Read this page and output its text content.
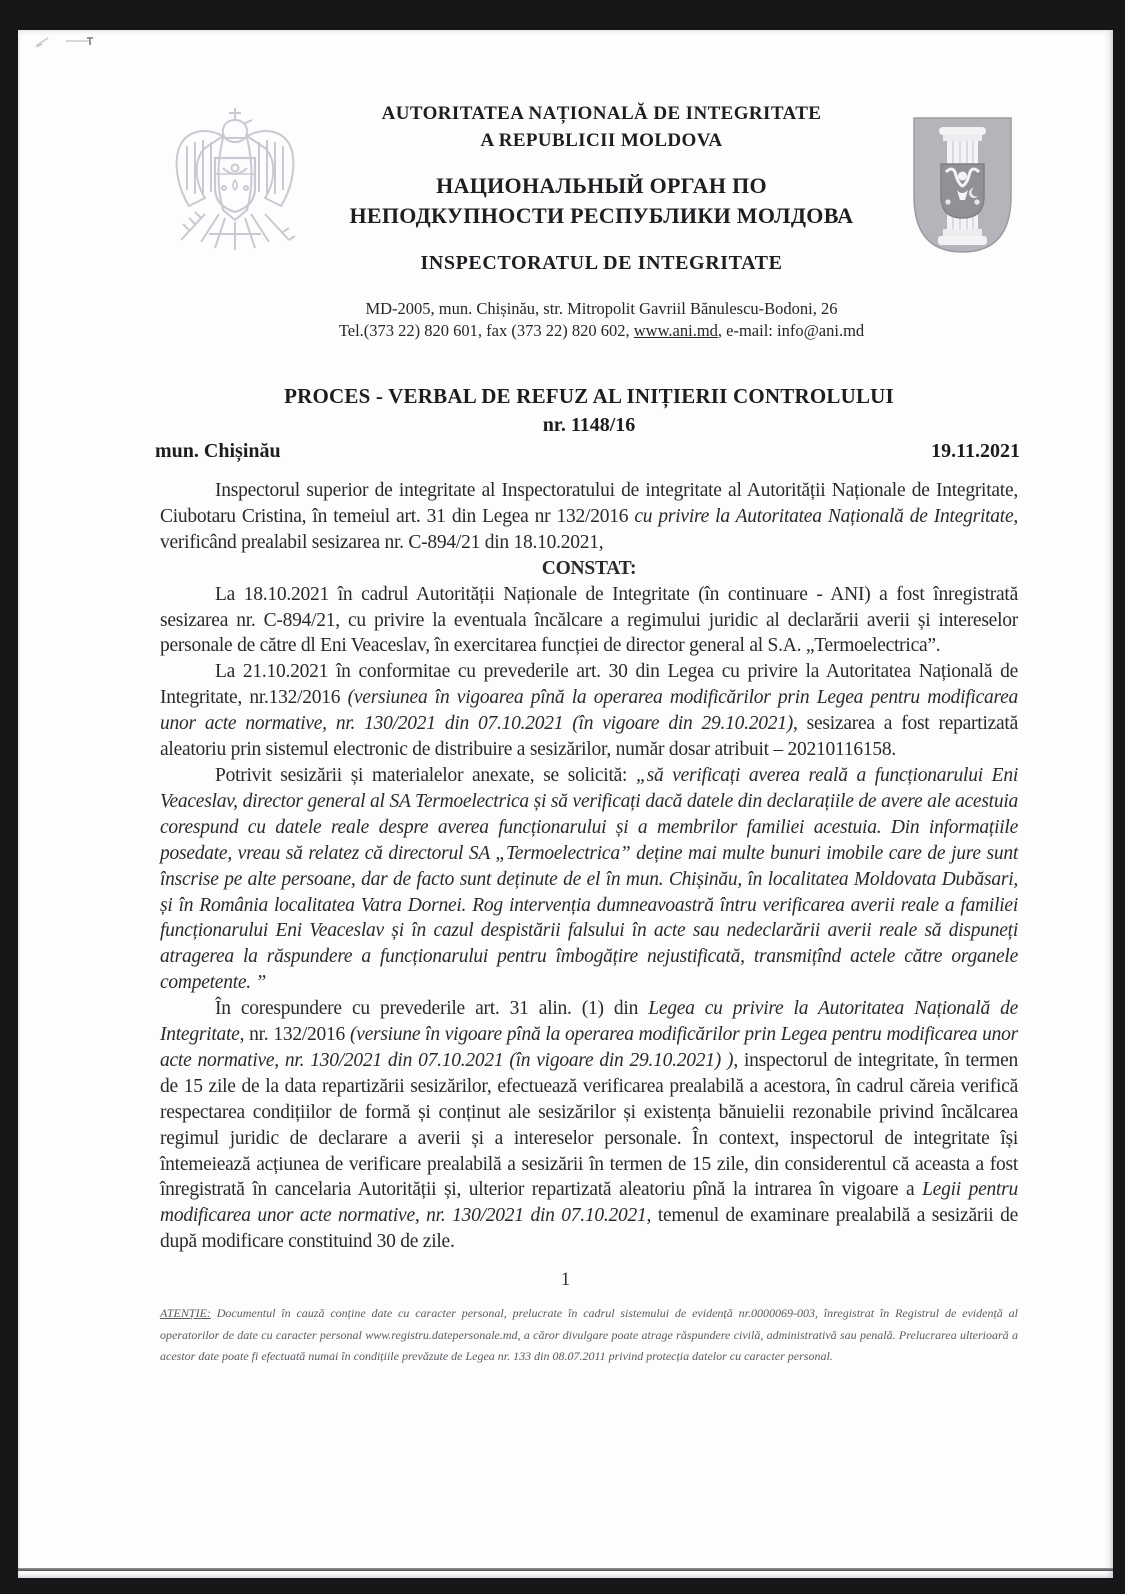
AUTORITATEA NAȚIONALĂ DE INTEGRITATE
A REPUBLICII MOLDOVA
НАЦИОНАЛЬНЫЙ ОРГАН ПО
НЕПОДКУПНОСТИ РЕСПУБЛИКИ МОЛДОВА
INSPECTORATUL DE INTEGRITATE
MD-2005, mun. Chișinău, str. Mitropolit Gavriil Bănulescu-Bodoni, 26
Tel.(373 22) 820 601, fax (373 22) 820 602, www.ani.md, e-mail: info@ani.md
PROCES - VERBAL DE REFUZ AL INIȚIERII CONTROLULUI
nr. 1148/16
mun. Chișinău	19.11.2021

Inspectorul superior de integritate al Inspectoratului de integritate al Autorității Naționale de Integritate, Ciubotaru Cristina, în temeiul art. 31 din Legea nr 132/2016 cu privire la Autoritatea Națională de Integritate, verificând prealabil sesizarea nr. C-894/21 din 18.10.2021,

CONSTAT:

La 18.10.2021 în cadrul Autorității Naționale de Integritate (în continuare - ANI) a fost înregistrată sesizarea nr. C-894/21, cu privire la eventuala încălcare a regimului juridic al declarării averii și intereselor personale de către dl Eni Veaceslav, în exercitarea funcției de director general al S.A. „Termoelectrica”.

La 21.10.2021 în conformitae cu prevederile art. 30 din Legea cu privire la Autoritatea Națională de Integritate, nr.132/2016 (versiunea în vigoarea pînă la operarea modificărilor prin Legea pentru modificarea unor acte normative, nr. 130/2021 din 07.10.2021 (în vigoare din 29.10.2021), sesizarea a fost repartizată aleatoriu prin sistemul electronic de distribuire a sesizărilor, număr dosar atribuit – 20210116158.

Potrivit sesizării și materialelor anexate, se solicită: „să verificați averea reală a funcționarului Eni Veaceslav, director general al SA Termoelectrica și să verificați dacă datele din declarațiile de avere ale acestuia corespund cu datele reale despre averea funcționarului și a membrilor familiei acestuia. Din informațiile posedate, vreau să relatez că directorul SA „Termoelectrica” deține mai multe bunuri imobile care de jure sunt înscrise pe alte persoane, dar de facto sunt deținute de el în mun. Chișinău, în localitatea Moldovata Dubăsari, și în România localitatea Vatra Dornei. Rog intervenția dumneavoastră întru verificarea averii reale a familiei funcționarului Eni Veaceslav și în cazul despistării falsului în acte sau nedeclarării averii reale să dispuneți atragerea la răspundere a funcționarului pentru îmbogățire nejustificată, transmițînd actele către organele competente. ”

În corespundere cu prevederile art. 31 alin. (1) din Legea cu privire la Autoritatea Națională de Integritate, nr. 132/2016 (versiune în vigoare pînă la operarea modificărilor prin Legea pentru modificarea unor acte normative, nr. 130/2021 din 07.10.2021 (în vigoare din 29.10.2021) ), inspectorul de integritate, în termen de 15 zile de la data repartizării sesizărilor, efectuează verificarea prealabilă a acestora, în cadrul căreia verifică respectarea condițiilor de formă și conținut ale sesizărilor și existența bănuielii rezonabile privind încălcarea regimul juridic de declarare a averii și a intereselor personale. În context, inspectorul de integritate își întemeiează acțiunea de verificare prealabilă a sesizării în termen de 15 zile, din considerentul că aceasta a fost înregistrată în cancelaria Autorității și, ulterior repartizată aleatoriu pînă la intrarea în vigoare a Legii pentru modificarea unor acte normative, nr. 130/2021 din 07.10.2021, temenul de examinare prealabilă a sesizării de după modificare constituind 30 de zile.

1
ATENȚIE: Documentul în cauză conține date cu caracter personal, prelucrate în cadrul sistemului de evidență nr.0000069-003, înregistrat în Registrul de evidență al operatorilor de date cu caracter personal www.registru.datepersonale.md, a căror divulgare poate atrage răspundere civilă, administrativă sau penală. Prelucrarea ulterioară a acestor date poate fi efectuată numai în condițiile prevăzute de Legea nr. 133 din 08.07.2011 privind protecția datelor cu caracter personal.
